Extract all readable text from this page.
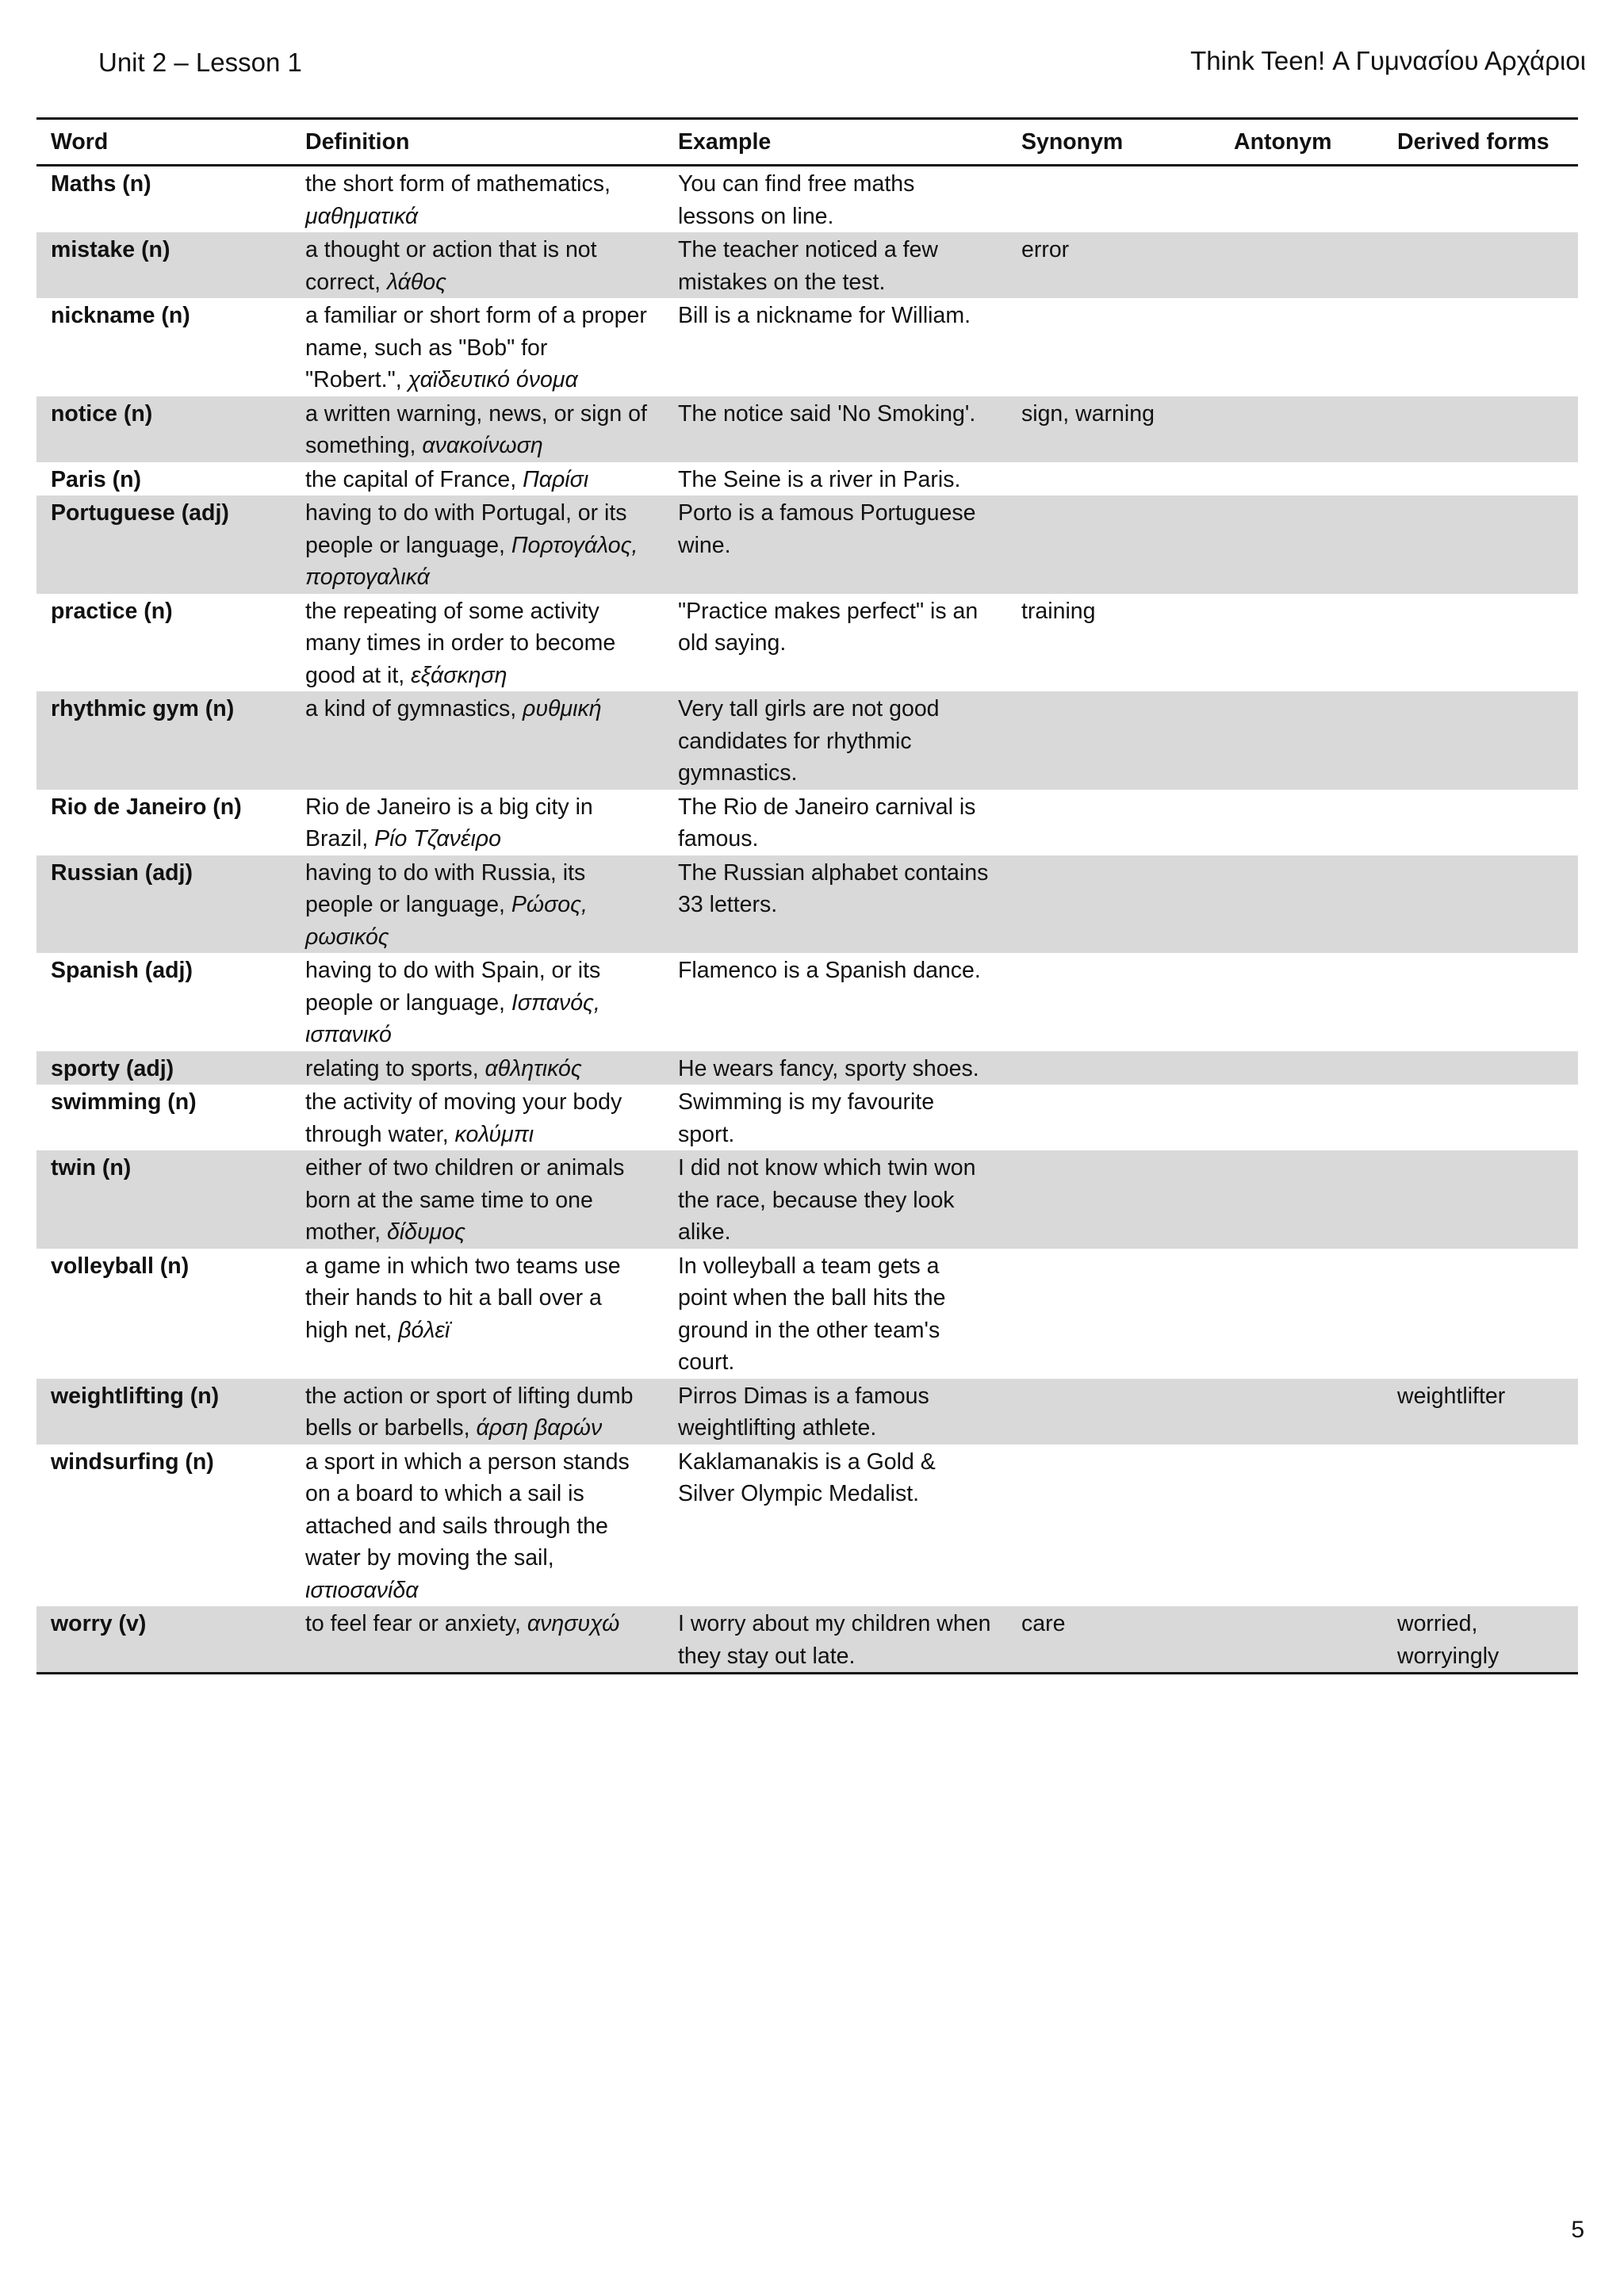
Unit 2 – Lesson 1	Think Teen! Α Γυμνασίου Αρχάριοι
Word	Definition	Example	Synonym	Antonym	Derived forms
Maths (n)	the short form of mathematics, μαθηματικά	You can find free maths lessons on line.			
mistake (n)	a thought or action that is not correct, λάθος	The teacher noticed a few mistakes on the test.	error		
nickname (n)	a familiar or short form of a proper name, such as "Bob" for "Robert.", χαϊδευτικό όνομα	Bill is a nickname for William.			
notice (n)	a written warning, news, or sign of something, ανακοίνωση	The notice said 'No Smoking'.	sign, warning		
Paris (n)	the capital of France, Παρίσι	The Seine is a river in Paris.			
Portuguese (adj)	having to do with Portugal, or its people or language, Πορτογάλος, πορτογαλικά	Porto is a famous Portuguese wine.			
practice (n)	the repeating of some activity many times in order to become good at it, εξάσκηση	"Practice makes perfect" is an old saying.	training		
rhythmic gym (n)	a kind of gymnastics, ρυθμική	Very tall girls are not good candidates for rhythmic gymnastics.			
Rio de Janeiro (n)	Rio de Janeiro is a big city in Brazil, Ρίο Τζανέιρο	The Rio de Janeiro carnival is famous.			
Russian (adj)	having to do with Russia, its people or language, Ρώσος, ρωσικός	The Russian alphabet contains 33 letters.			
Spanish (adj)	having to do with Spain, or its people or language, Ισπανός, ισπανικό	Flamenco is a Spanish dance.			
sporty (adj)	relating to sports, αθλητικός	He wears fancy, sporty shoes.			
swimming (n)	the activity of moving your body through water, κολύμπι	Swimming is my favourite sport.			
twin (n)	either of two children or animals born at the same time to one mother, δίδυμος	I did not know which twin won the race, because they look alike.			
volleyball (n)	a game in which two teams use their hands to hit a ball over a high net, βόλεϊ	In volleyball a team gets a point when the ball hits the ground in the other team's court.			
weightlifting (n)	the action or sport of lifting dumb bells or barbells, άρση βαρών	Pirros Dimas is a famous weightlifting athlete.			weightlifter
windsurfing (n)	a sport in which a person stands on a board to which a sail is attached and sails through the water by moving the sail, ιστιοσανίδα	Kaklamanakis is a Gold & Silver Olympic Medalist.			
worry (v)	to feel fear or anxiety, ανησυχώ	I worry about my children when they stay out late.	care		worried, worryingly
5
